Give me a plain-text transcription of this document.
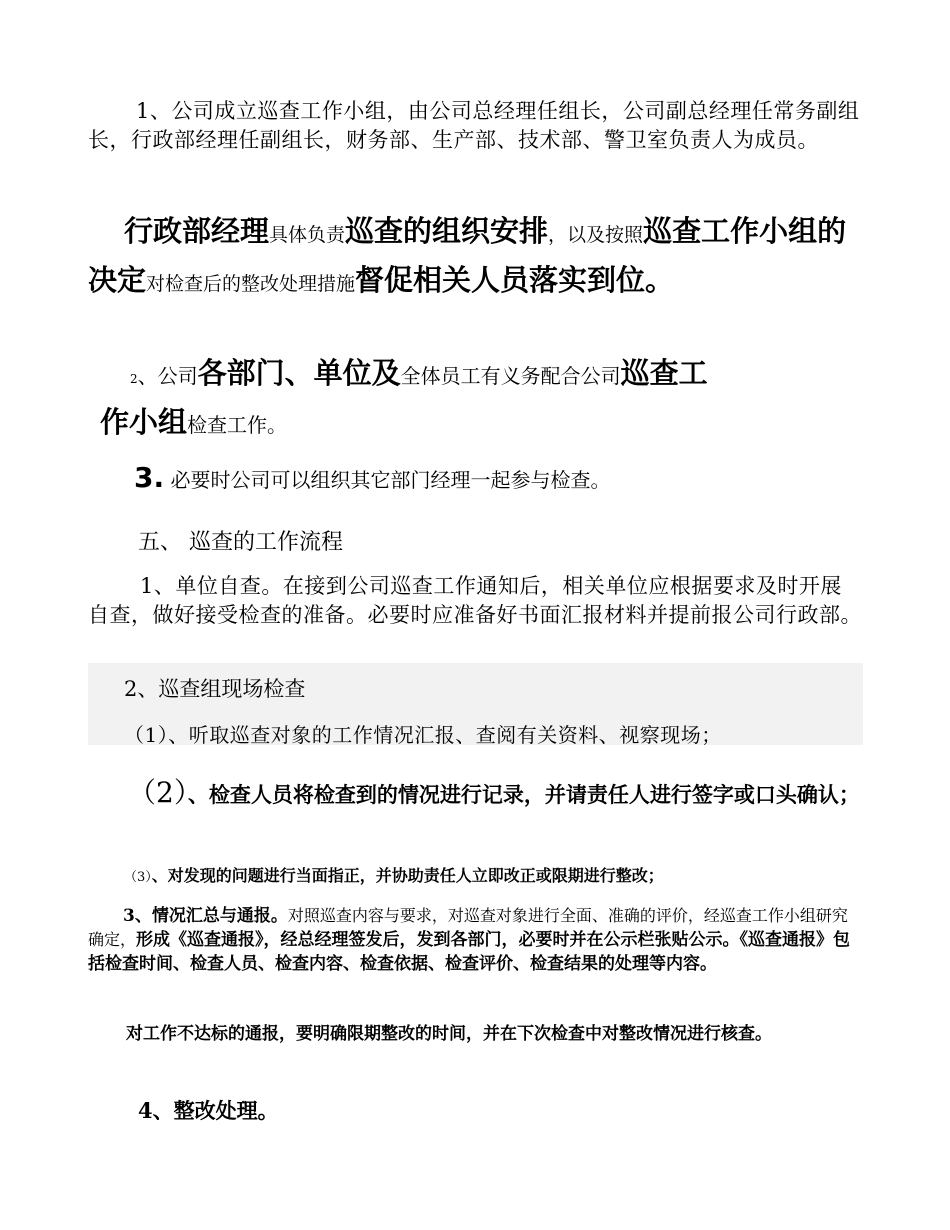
1、公司成立巡查工作小组，由公司总经理任组长，公司副总经理任常务副组长，行政部经理任副组长，财务部、生产部、技术部、警卫室负责人为成员。

行政部经理具体负责巡查的组织安排，以及按照巡查工作小组的决定对检查后的整改处理措施督促相关人员落实到位。

2、公司各部门、单位及全体员工有义务配合公司巡查工
作小组检查工作。

3. 必要时公司可以组织其它部门经理一起参与检查。

五、 巡查的工作流程

1、单位自查。在接到公司巡查工作通知后，相关单位应根据要求及时开展自查，做好接受检查的准备。必要时应准备好书面汇报材料并提前报公司行政部。

2、巡查组现场检查

（1）、听取巡查对象的工作情况汇报、查阅有关资料、视察现场；

（2）、检查人员将检查到的情况进行记录，并请责任人进行签字或口头确认；

（3）、对发现的问题进行当面指正，并协助责任人立即改正或限期进行整改；

3、情况汇总与通报。对照巡查内容与要求，对巡查对象进行全面、准确的评价，经巡查工作小组研究确定，形成《巡查通报》，经总经理签发后，发到各部门，必要时并在公示栏张贴公示。《巡查通报》包括检查时间、检查人员、检查内容、检查依据、检查评价、检查结果的处理等内容。

对工作不达标的通报，要明确限期整改的时间，并在下次检查中对整改情况进行核查。

4、整改处理。
